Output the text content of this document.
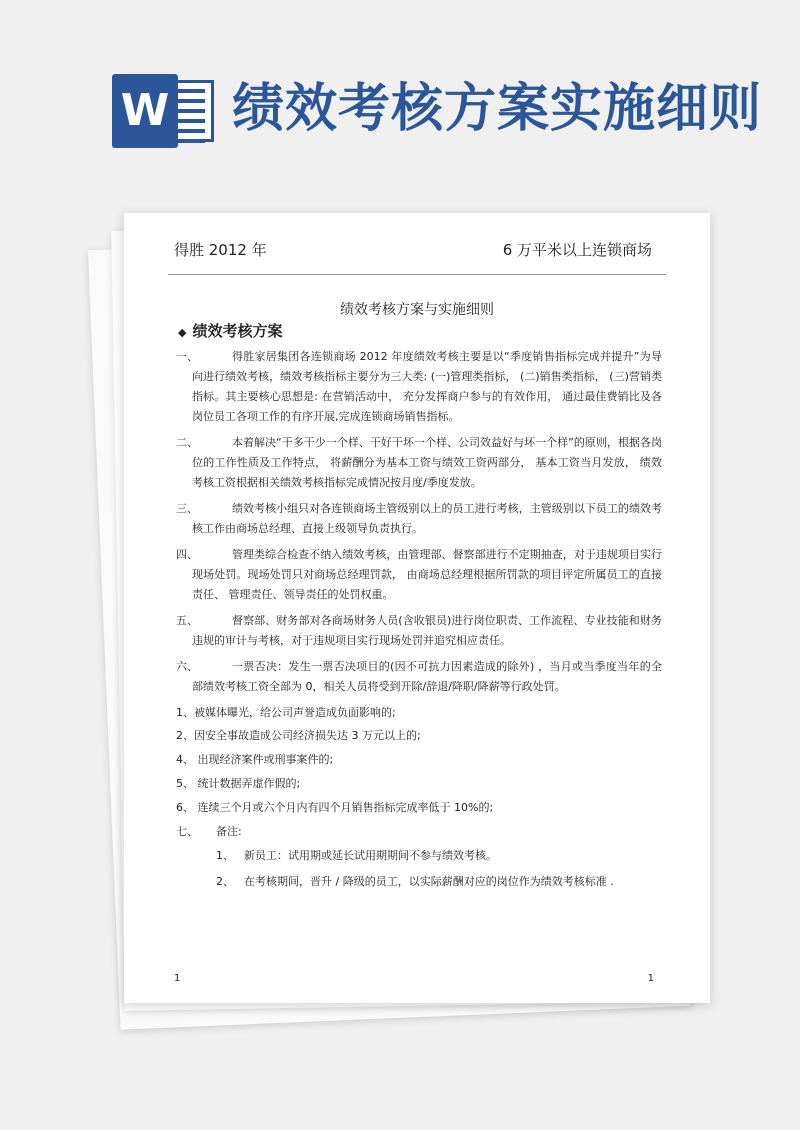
W 绩效考核方案实施细则
得胜 2012 年	6 万平米以上连锁商场
绩效考核方案与实施细则
◆ 绩效考核方案
一、	得胜家居集团各连锁商场 2012 年度绩效考核主要是以“季度销售指标完成并提升”为导向进行绩效考核，绩效考核指标主要分为三大类: (一)管理类指标， (二)销售类指标， (三)营销类指标。其主要核心思想是: 在营销活动中， 充分发挥商户参与的有效作用， 通过最佳费销比及各岗位员工各项工作的有序开展,完成连锁商场销售指标。
二、	本着解决“干多干少一个样、干好干坏一个样、公司效益好与坏一个样”的原则，根据各岗位的工作性质及工作特点， 将薪酬分为基本工资与绩效工资两部分， 基本工资当月发放， 绩效考核工资根据相关绩效考核指标完成情况按月度/季度发放。
三、	绩效考核小组只对各连锁商场主管级别以上的员工进行考核，主管级别以下员工的绩效考核工作由商场总经理、直接上级领导负责执行。
四、	管理类综合检查不纳入绩效考核，由管理部、督察部进行不定期抽查，对于违规项目实行现场处罚。现场处罚只对商场总经理罚款， 由商场总经理根据所罚款的项目评定所属员工的直接责任、 管理责任、领导责任的处罚权重。
五、	督察部、财务部对各商场财务人员(含收银员)进行岗位职责、工作流程、专业技能和财务违规的审计与考核，对于违规项目实行现场处罚并追究相应责任。
六、	一票否决：发生一票否决项目的(因不可抗力因素造成的除外) ，当月或当季度当年的全部绩效考核工资全部为 0，相关人员将受到开除/辞退/降职/降薪等行政处罚。
1、被媒体曝光，给公司声誉造成负面影响的;
2、因安全事故造成公司经济损失达 3 万元以上的;
4、 出现经济案件或刑事案件的;
5、 统计数据弄虚作假的;
6、 连续三个月或六个月内有四个月销售指标完成率低于 10%的;
七、 备注:
1、 新员工：试用期或延长试用期期间不参与绩效考核。
2、 在考核期间，晋升 / 降级的员工，以实际薪酬对应的岗位作为绩效考核标准 .
1	1
